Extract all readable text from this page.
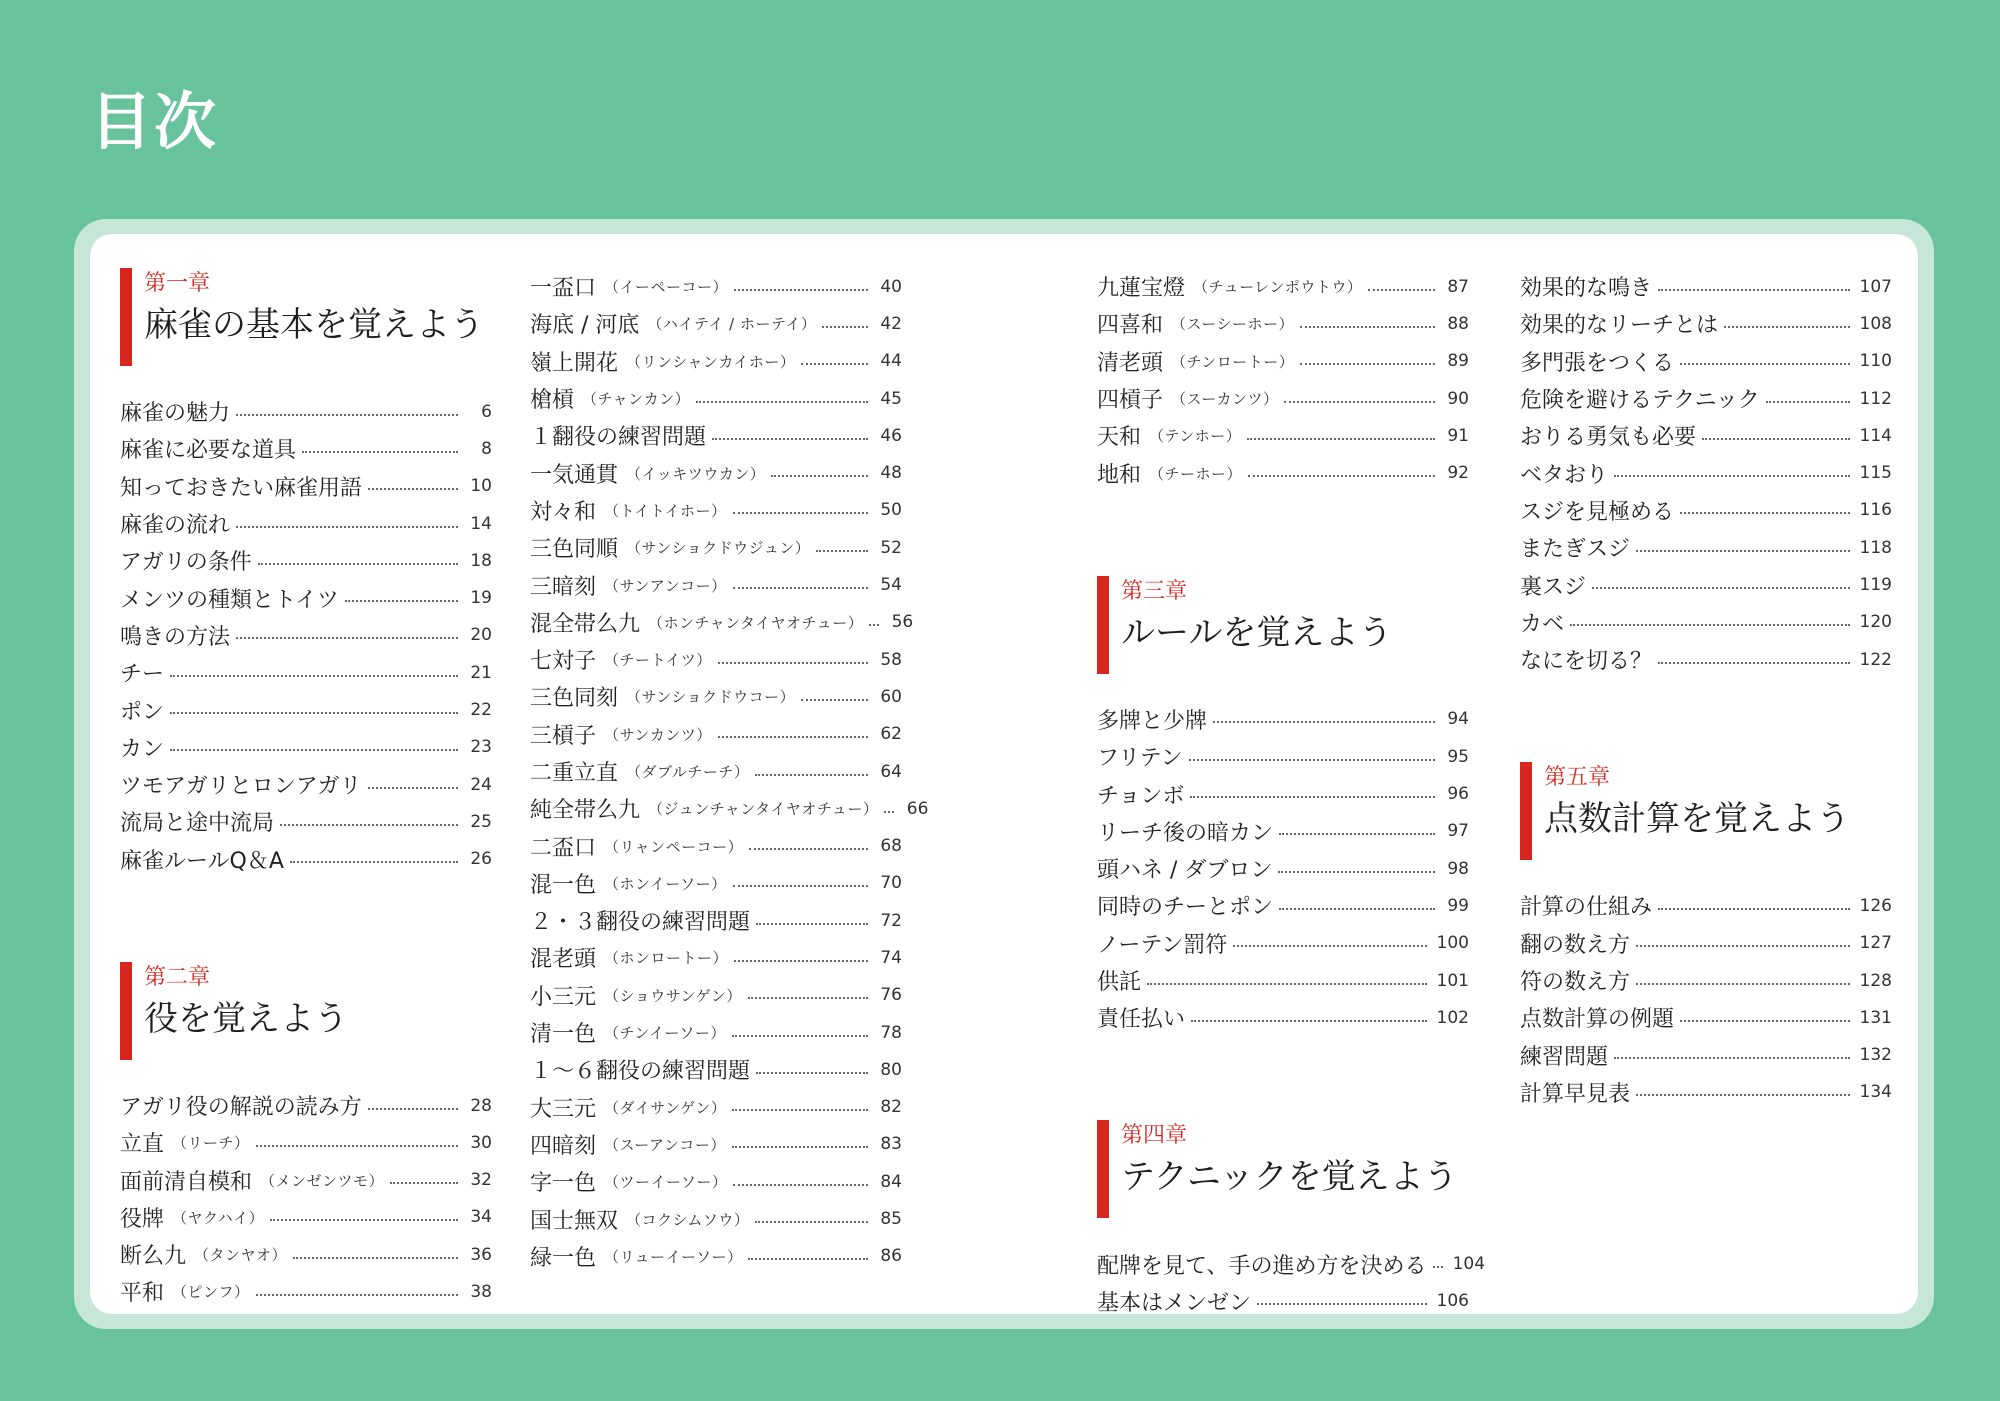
目次
第一章
麻雀の基本を覚えよう
麻雀の魅力	6
麻雀に必要な道具	8
知っておきたい麻雀用語	10
麻雀の流れ	14
アガリの条件	18
メンツの種類とトイツ	19
鳴きの方法	20
チー	21
ポン	22
カン	23
ツモアガリとロンアガリ	24
流局と途中流局	25
麻雀ルールQ＆A	26
第二章
役を覚えよう
アガリ役の解説の読み方	28
立直 （リーチ）	30
面前清自模和 （メンゼンツモ）	32
役牌 （ヤクハイ）	34
断么九 （タンヤオ）	36
平和 （ピンフ）	38
一盃口 （イーペーコー）	40
海底 / 河底 （ハイテイ / ホーテイ）	42
嶺上開花 （リンシャンカイホー）	44
槍槓 （チャンカン）	45
１翻役の練習問題	46
一気通貫 （イッキツウカン）	48
対々和 （トイトイホー）	50
三色同順 （サンショクドウジュン）	52
三暗刻 （サンアンコー）	54
混全帯么九 （ホンチャンタイヤオチュー） 56
七対子 （チートイツ）	58
三色同刻 （サンショクドウコー）	60
三槓子 （サンカンツ）	62
二重立直 （ダブルチーチ）	64
純全帯么九 （ジュンチャンタイヤオチュー） 66
二盃口 （リャンペーコー）	68
混一色 （ホンイーソー）	70
２・３翻役の練習問題	72
混老頭 （ホンロートー）	74
小三元 （ショウサンゲン）	76
清一色 （チンイーソー）	78
１～６翻役の練習問題	80
大三元 （ダイサンゲン）	82
四暗刻 （スーアンコー）	83
字一色 （ツーイーソー）	84
国士無双 （コクシムソウ）	85
緑一色 （リューイーソー）	86
九蓮宝燈 （チューレンポウトウ）	87
四喜和 （スーシーホー）	88
清老頭 （チンロートー）	89
四槓子 （スーカンツ）	90
天和 （テンホー）	91
地和 （チーホー）	92
第三章
ルールを覚えよう
多牌と少牌	94
フリテン	95
チョンボ	96
リーチ後の暗カン	97
頭ハネ / ダブロン	98
同時のチーとポン	99
ノーテン罰符	100
供託	101
責任払い	102
第四章
テクニックを覚えよう
配牌を見て、手の進め方を決める 104
基本はメンゼン	106
効果的な鳴き	107
効果的なリーチとは	108
多門張をつくる	110
危険を避けるテクニック	112
おりる勇気も必要	114
ベタおり	115
スジを見極める	116
またぎスジ	118
裏スジ	119
カベ	120
なにを切る？	122
第五章
点数計算を覚えよう
計算の仕組み	126
翻の数え方	127
符の数え方	128
点数計算の例題	131
練習問題	132
計算早見表	134
